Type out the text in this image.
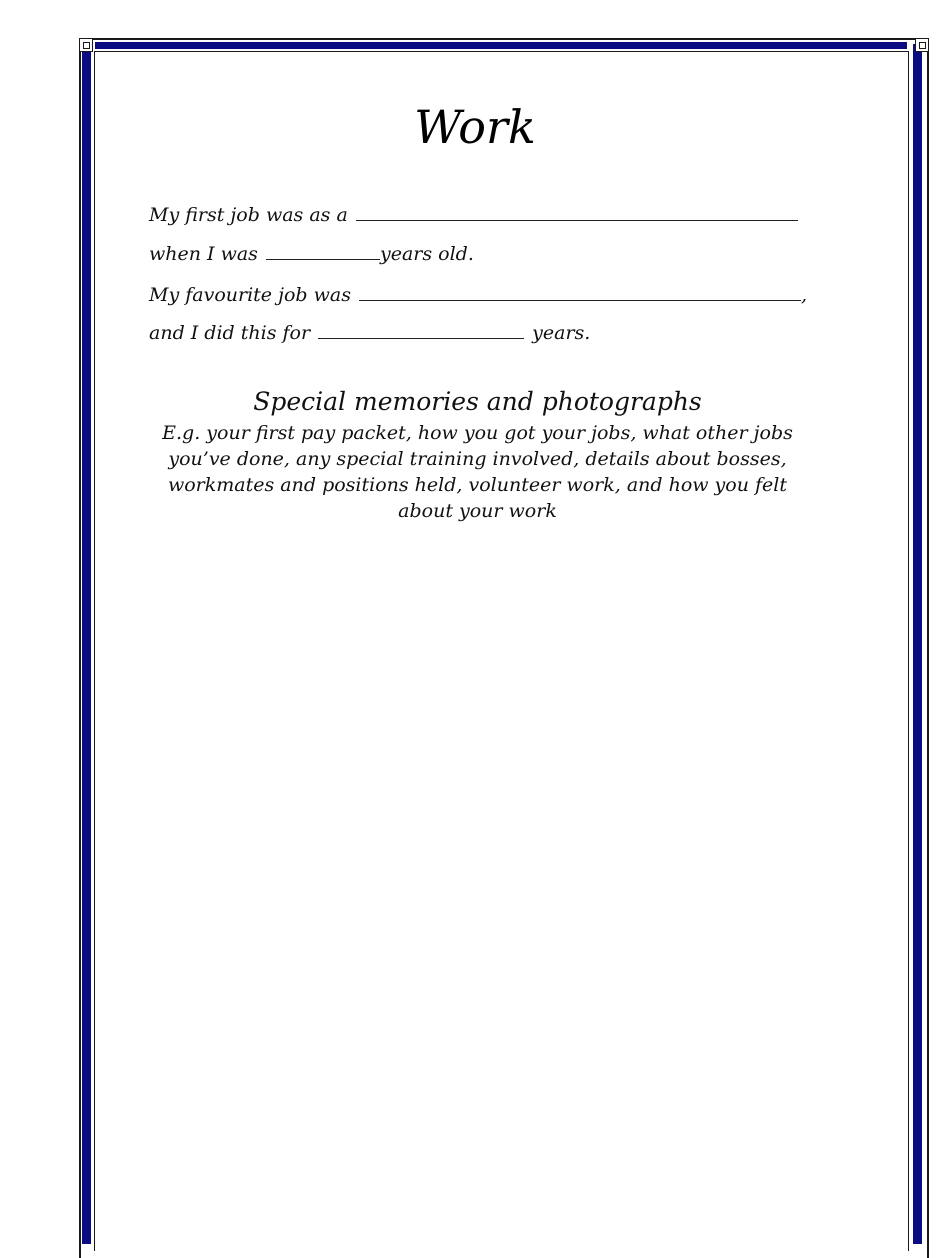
Work
My first job was as a
when I was	years old.
My favourite job was	,
and I did this for	years.
Special memories and photographs

E.g. your first pay packet, how you got your jobs, what other jobs you’ve done, any special training involved, details about bosses, workmates and positions held, volunteer work, and how you felt about your work
